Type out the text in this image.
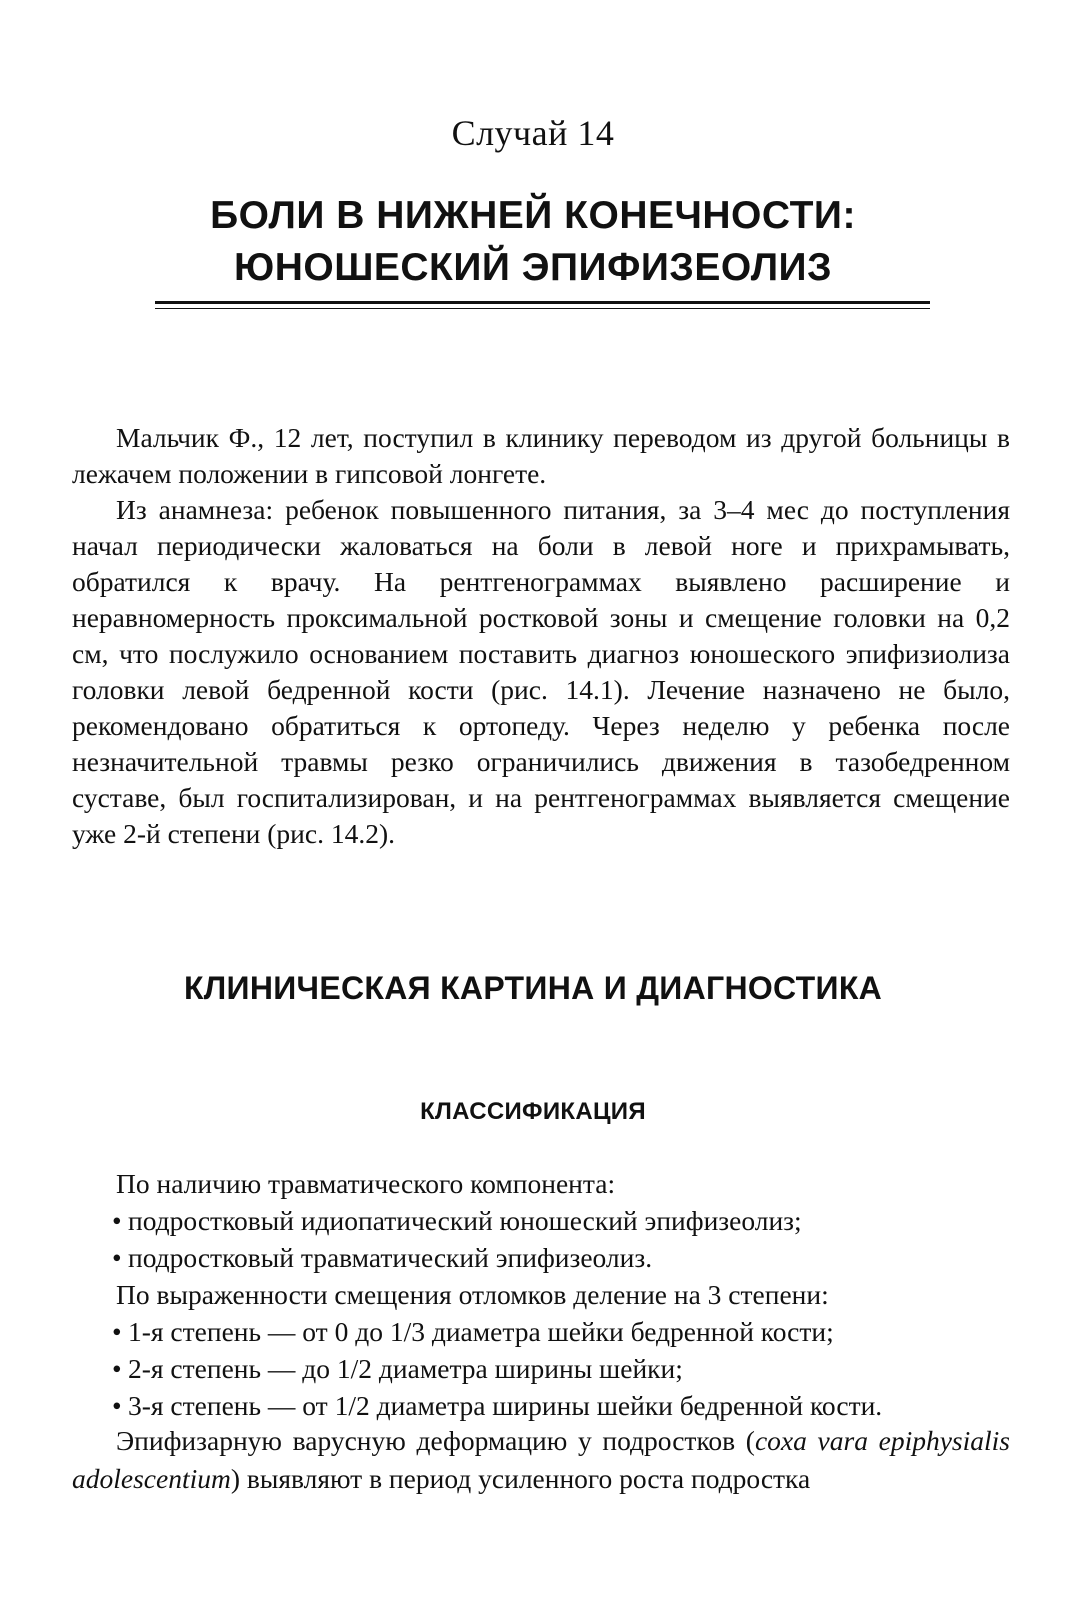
Случай 14
БОЛИ В НИЖНЕЙ КОНЕЧНОСТИ:
ЮНОШЕСКИЙ ЭПИФИЗЕОЛИЗ

Мальчик Ф., 12 лет, поступил в клинику переводом из другой больницы в лежачем положении в гипсовой лонгете.

Из анамнеза: ребенок повышенного питания, за 3–4 мес до поступления начал периодически жаловаться на боли в левой ноге и прихрамывать, обратился к врачу. На рентгенограммах выявлено расширение и неравномерность проксимальной ростковой зоны и смещение головки на 0,2 см, что послужило основанием поставить диагноз юношеского эпифизиолиза головки левой бедренной кости (рис. 14.1). Лечение назначено не было, рекомендовано обратиться к ортопеду. Через неделю у ребенка после незначительной травмы резко ограничились движения в тазобедренном суставе, был госпитализирован, и на рентгенограммах выявляется смещение уже 2-й степени (рис. 14.2).

КЛИНИЧЕСКАЯ КАРТИНА И ДИАГНОСТИКА
КЛАССИФИКАЦИЯ

По наличию травматического компонента:

• подростковый идиопатический юношеский эпифизеолиз;
• подростковый травматический эпифизеолиз.

По выраженности смещения отломков деление на 3 степени:

• 1-я степень — от 0 до 1/3 диаметра шейки бедренной кости;
• 2-я степень — до 1/2 диаметра ширины шейки;
• 3-я степень — от 1/2 диаметра ширины шейки бедренной кости.

Эпифизарную варусную деформацию у подростков (coxa vara epiphysialis adolescentium) выявляют в период усиленного роста подростка
